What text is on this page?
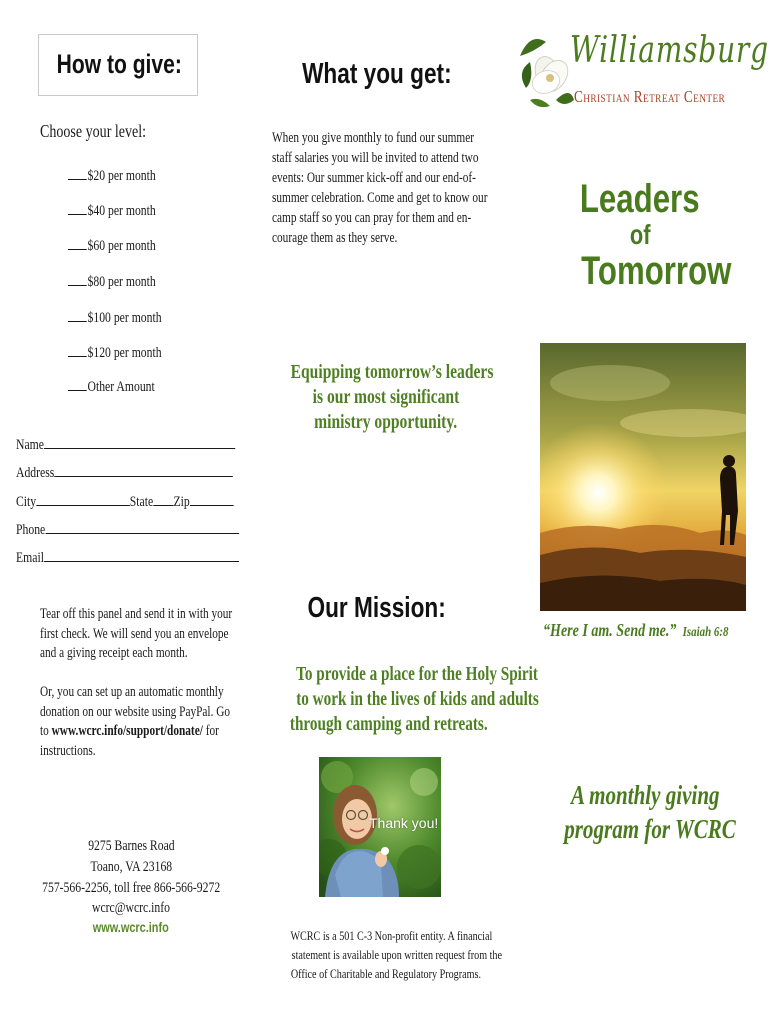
How to give:
Choose your level:
$20 per month
$40 per month
$60 per month
$80 per month
$100 per month
$120 per month
Other Amount
Name
Address
City	State Zip
Phone
Email
Tear off this panel and send it in with your
first check. We will send you an envelope
and a giving receipt each month.
Or, you can set up an automatic monthly
donation on our website using PayPal. Go
to www.wcrc.info/support/donate/ for
instructions.
9275 Barnes Road
Toano, VA 23168
757-566-2256, toll free 866-566-9272
wcrc@wcrc.info
www.wcrc.info
What you get:
When you give monthly to fund our summer
staff salaries you will be invited to attend two
events: Our summer kick-off and our end-of-
summer celebration. Come and get to know our
camp staff so you can pray for them and en-
courage them as they serve.
Equipping tomorrow’s leaders
is our most significant
ministry opportunity.
Our Mission:
To provide a place for the Holy Spirit
to work in the lives of kids and adults
through camping and retreats.
Thank you!
WCRC is a 501 C-3 Non-profit entity. A financial
statement is available upon written request from the
Office of Charitable and Regulatory Programs.
Williamsburg
Christian Retreat Center
Leaders
of
Tomorrow
“Here I am. Send me.” Isaiah 6:8
A monthly giving
program for WCRC
